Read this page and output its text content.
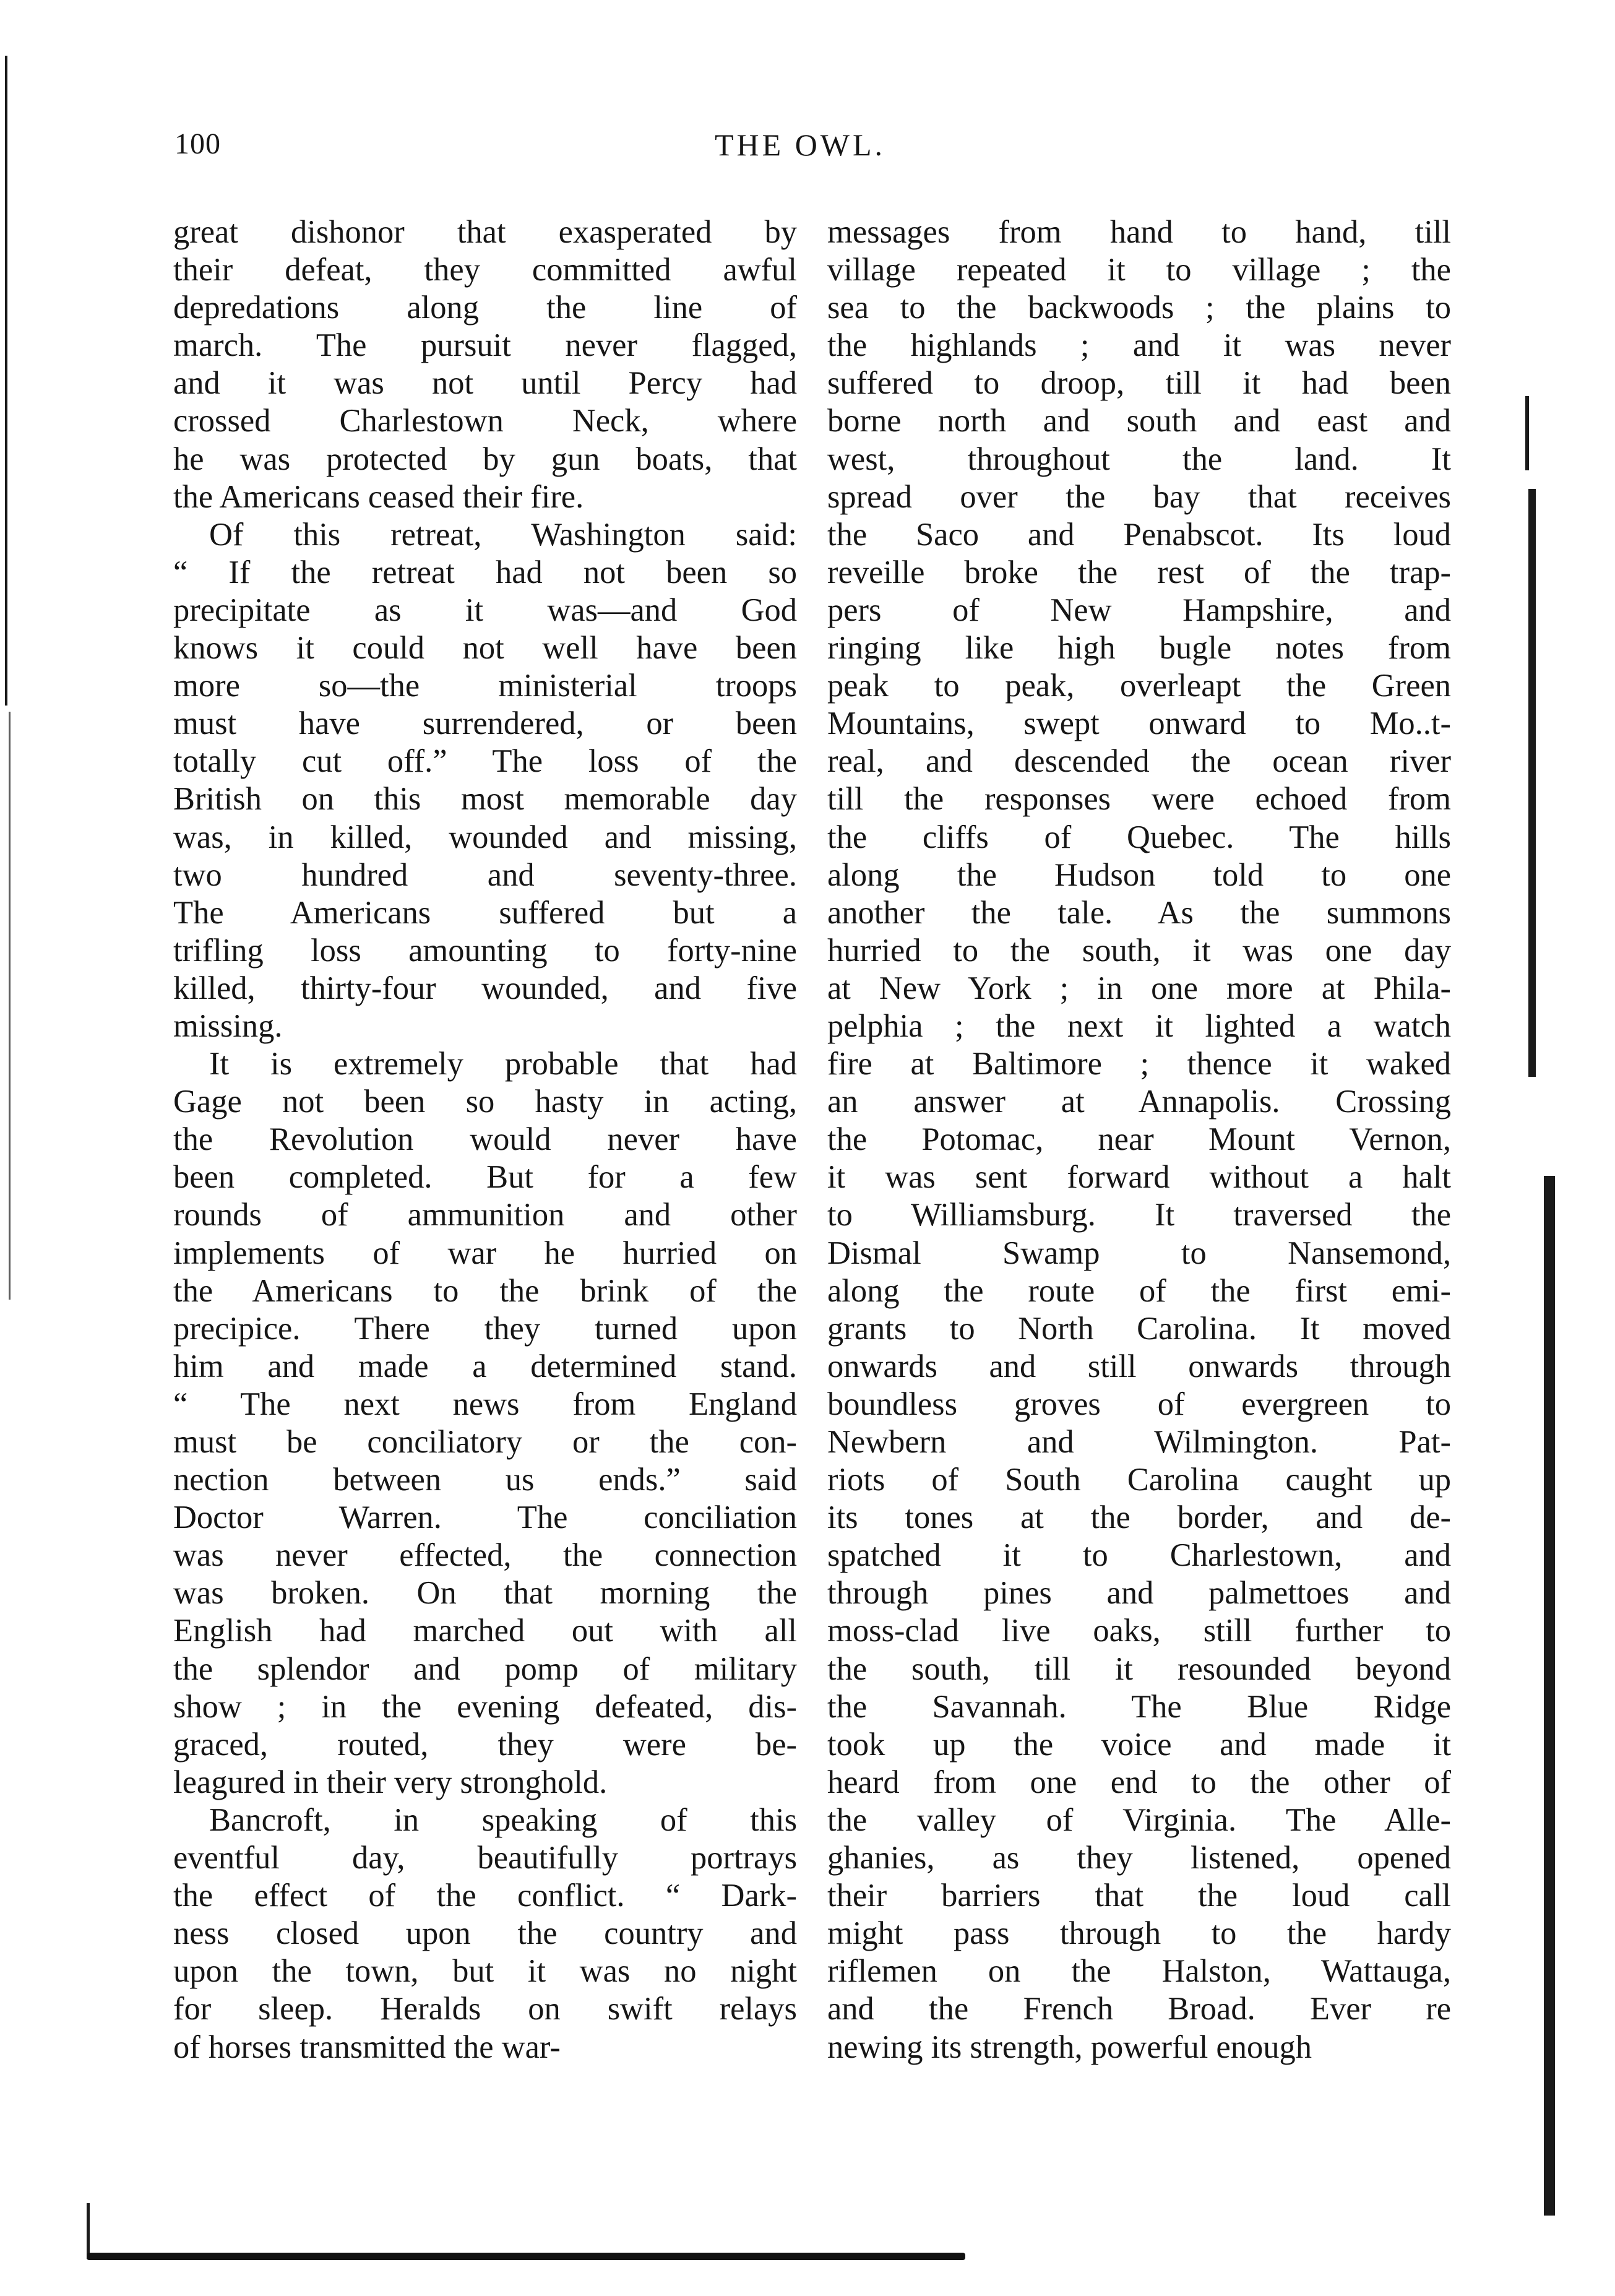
100	THE OWL.
great dishonor that exasperated by
their defeat, they committed awful
depredations along the line of
march. The pursuit never flagged,
and it was not until Percy had
crossed Charlestown Neck, where
he was protected by gun boats, that
the Americans ceased their fire.
Of this retreat, Washington said:
“ If the retreat had not been so
precipitate as it was—and God
knows it could not well have been
more so—the ministerial troops
must have surrendered, or been
totally cut off.” The loss of the
British on this most memorable day
was, in killed, wounded and missing,
two hundred and seventy-three.
The Americans suffered but a
trifling loss amounting to forty-nine
killed, thirty-four wounded, and five
missing.
It is extremely probable that had
Gage not been so hasty in acting,
the Revolution would never have
been completed. But for a few
rounds of ammunition and other
implements of war he hurried on
the Americans to the brink of the
precipice. There they turned upon
him and made a determined stand.
“ The next news from England
must be conciliatory or the con-
nection between us ends.” said
Doctor Warren. The conciliation
was never effected, the connection
was broken. On that morning the
English had marched out with all
the splendor and pomp of military
show ; in the evening defeated, dis-
graced, routed, they were be-
leagured in their very stronghold.
Bancroft, in speaking of this
eventful day, beautifully portrays
the effect of the conflict. “ Dark-
ness closed upon the country and
upon the town, but it was no night
for sleep. Heralds on swift relays
of horses transmitted the war-
messages from hand to hand, till
village repeated it to village ; the
sea to the backwoods ; the plains to
the highlands ; and it was never
suffered to droop, till it had been
borne north and south and east and
west, throughout the land. It
spread over the bay that receives
the Saco and Penabscot. Its loud
reveille broke the rest of the trap-
pers of New Hampshire, and
ringing like high bugle notes from
peak to peak, overleapt the Green
Mountains, swept onward to Mo..t-
real, and descended the ocean river
till the responses were echoed from
the cliffs of Quebec. The hills
along the Hudson told to one
another the tale. As the summons
hurried to the south, it was one day
at New York ; in one more at Phila-
pelphia ; the next it lighted a watch
fire at Baltimore ; thence it waked
an answer at Annapolis. Crossing
the Potomac, near Mount Vernon,
it was sent forward without a halt
to Williamsburg. It traversed the
Dismal Swamp to Nansemond,
along the route of the first emi-
grants to North Carolina. It moved
onwards and still onwards through
boundless groves of evergreen to
Newbern and Wilmington. Pat-
riots of South Carolina caught up
its tones at the border, and de-
spatched it to Charlestown, and
through pines and palmettoes and
moss-clad live oaks, still further to
the south, till it resounded beyond
the Savannah. The Blue Ridge
took up the voice and made it
heard from one end to the other of
the valley of Virginia. The Alle-
ghanies, as they listened, opened
their barriers that the loud call
might pass through to the hardy
riflemen on the Halston, Wattauga,
and the French Broad. Ever re
newing its strength, powerful enough
